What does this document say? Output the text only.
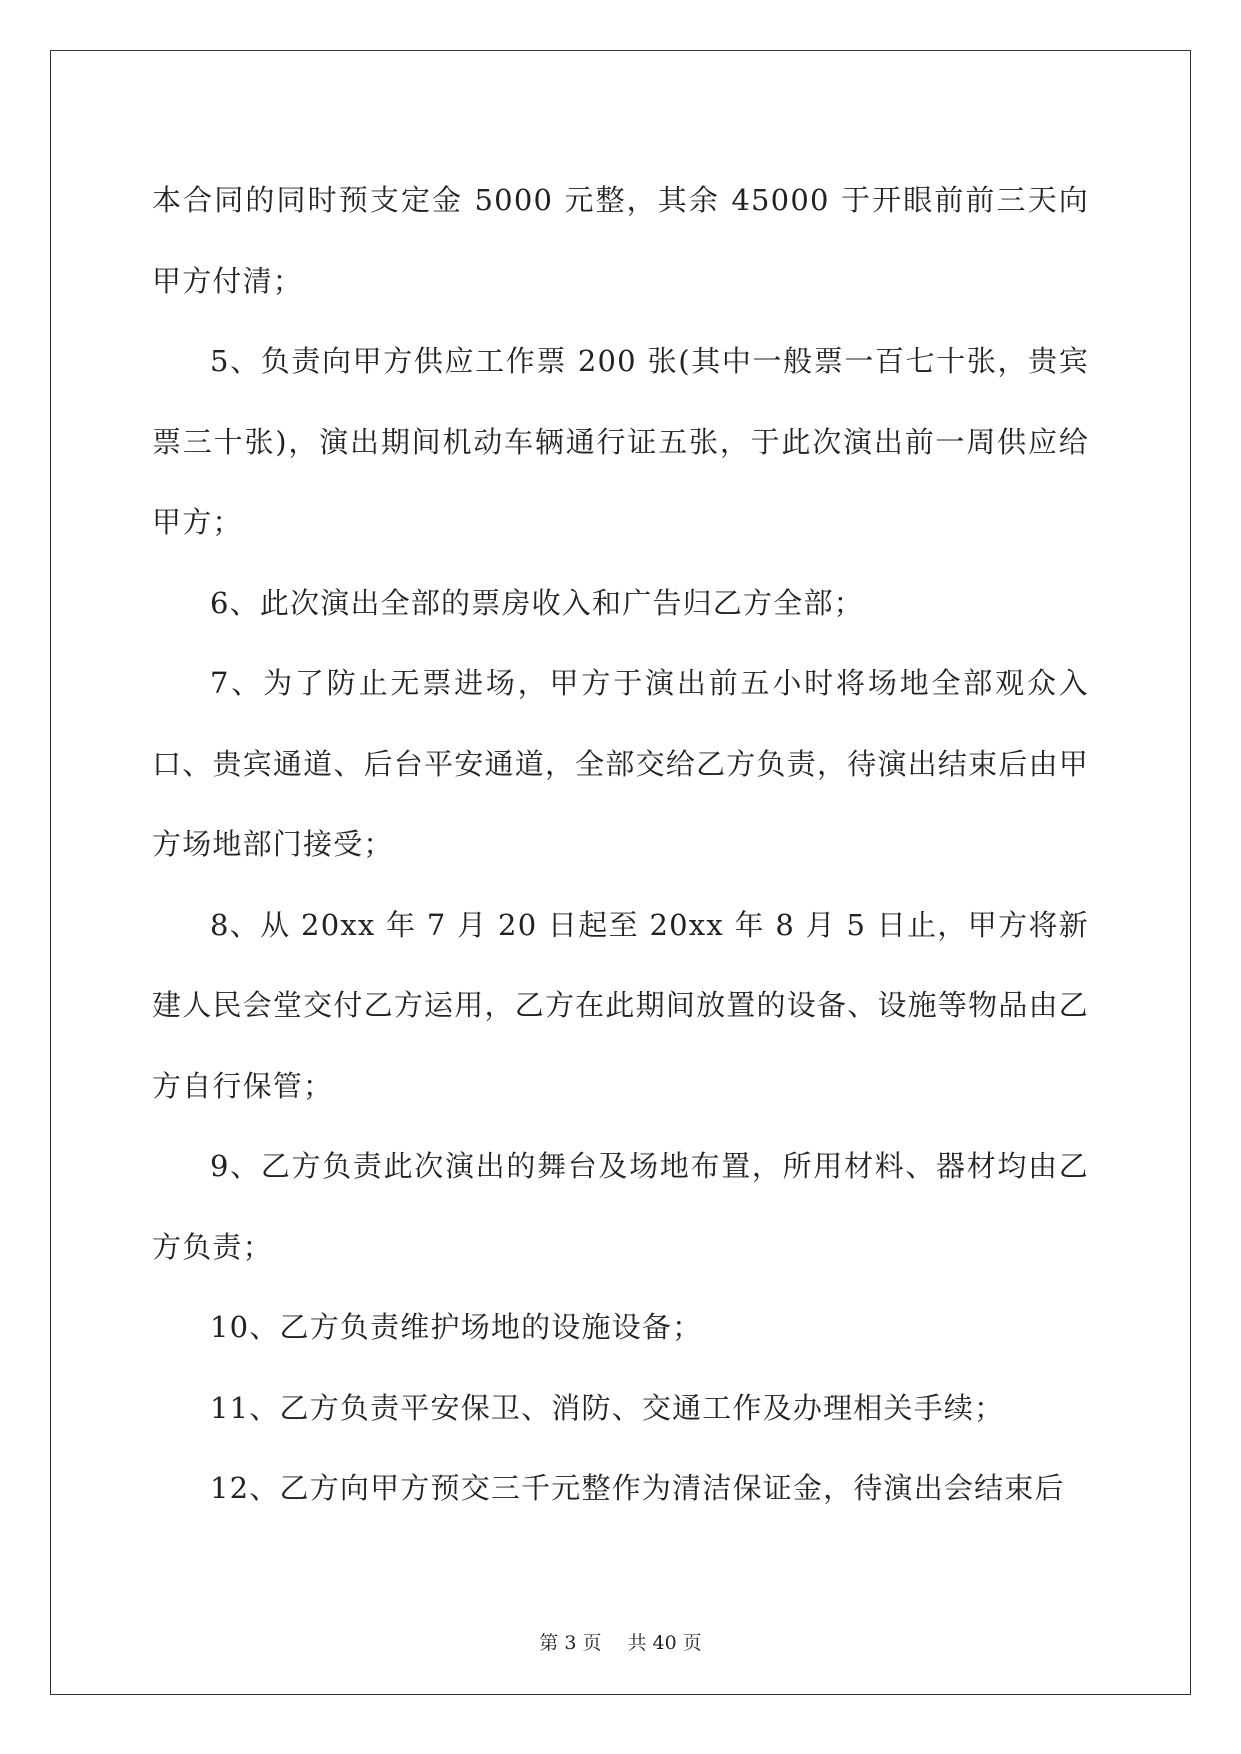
本合同的同时预支定金 5000 元整，其余 45000 于开眼前前三天向甲方付清；

5、负责向甲方供应工作票 200 张(其中一般票一百七十张，贵宾票三十张)，演出期间机动车辆通行证五张，于此次演出前一周供应给甲方；

6、此次演出全部的票房收入和广告归乙方全部；

7、为了防止无票进场，甲方于演出前五小时将场地全部观众入口、贵宾通道、后台平安通道，全部交给乙方负责，待演出结束后由甲方场地部门接受；

8、从 20xx 年 7 月 20 日起至 20xx 年 8 月 5 日止，甲方将新建人民会堂交付乙方运用，乙方在此期间放置的设备、设施等物品由乙方自行保管；

9、乙方负责此次演出的舞台及场地布置，所用材料、器材均由乙方负责；

10、乙方负责维护场地的设施设备；

11、乙方负责平安保卫、消防、交通工作及办理相关手续；

12、乙方向甲方预交三千元整作为清洁保证金，待演出会结束后

第 3 页 共 40 页
